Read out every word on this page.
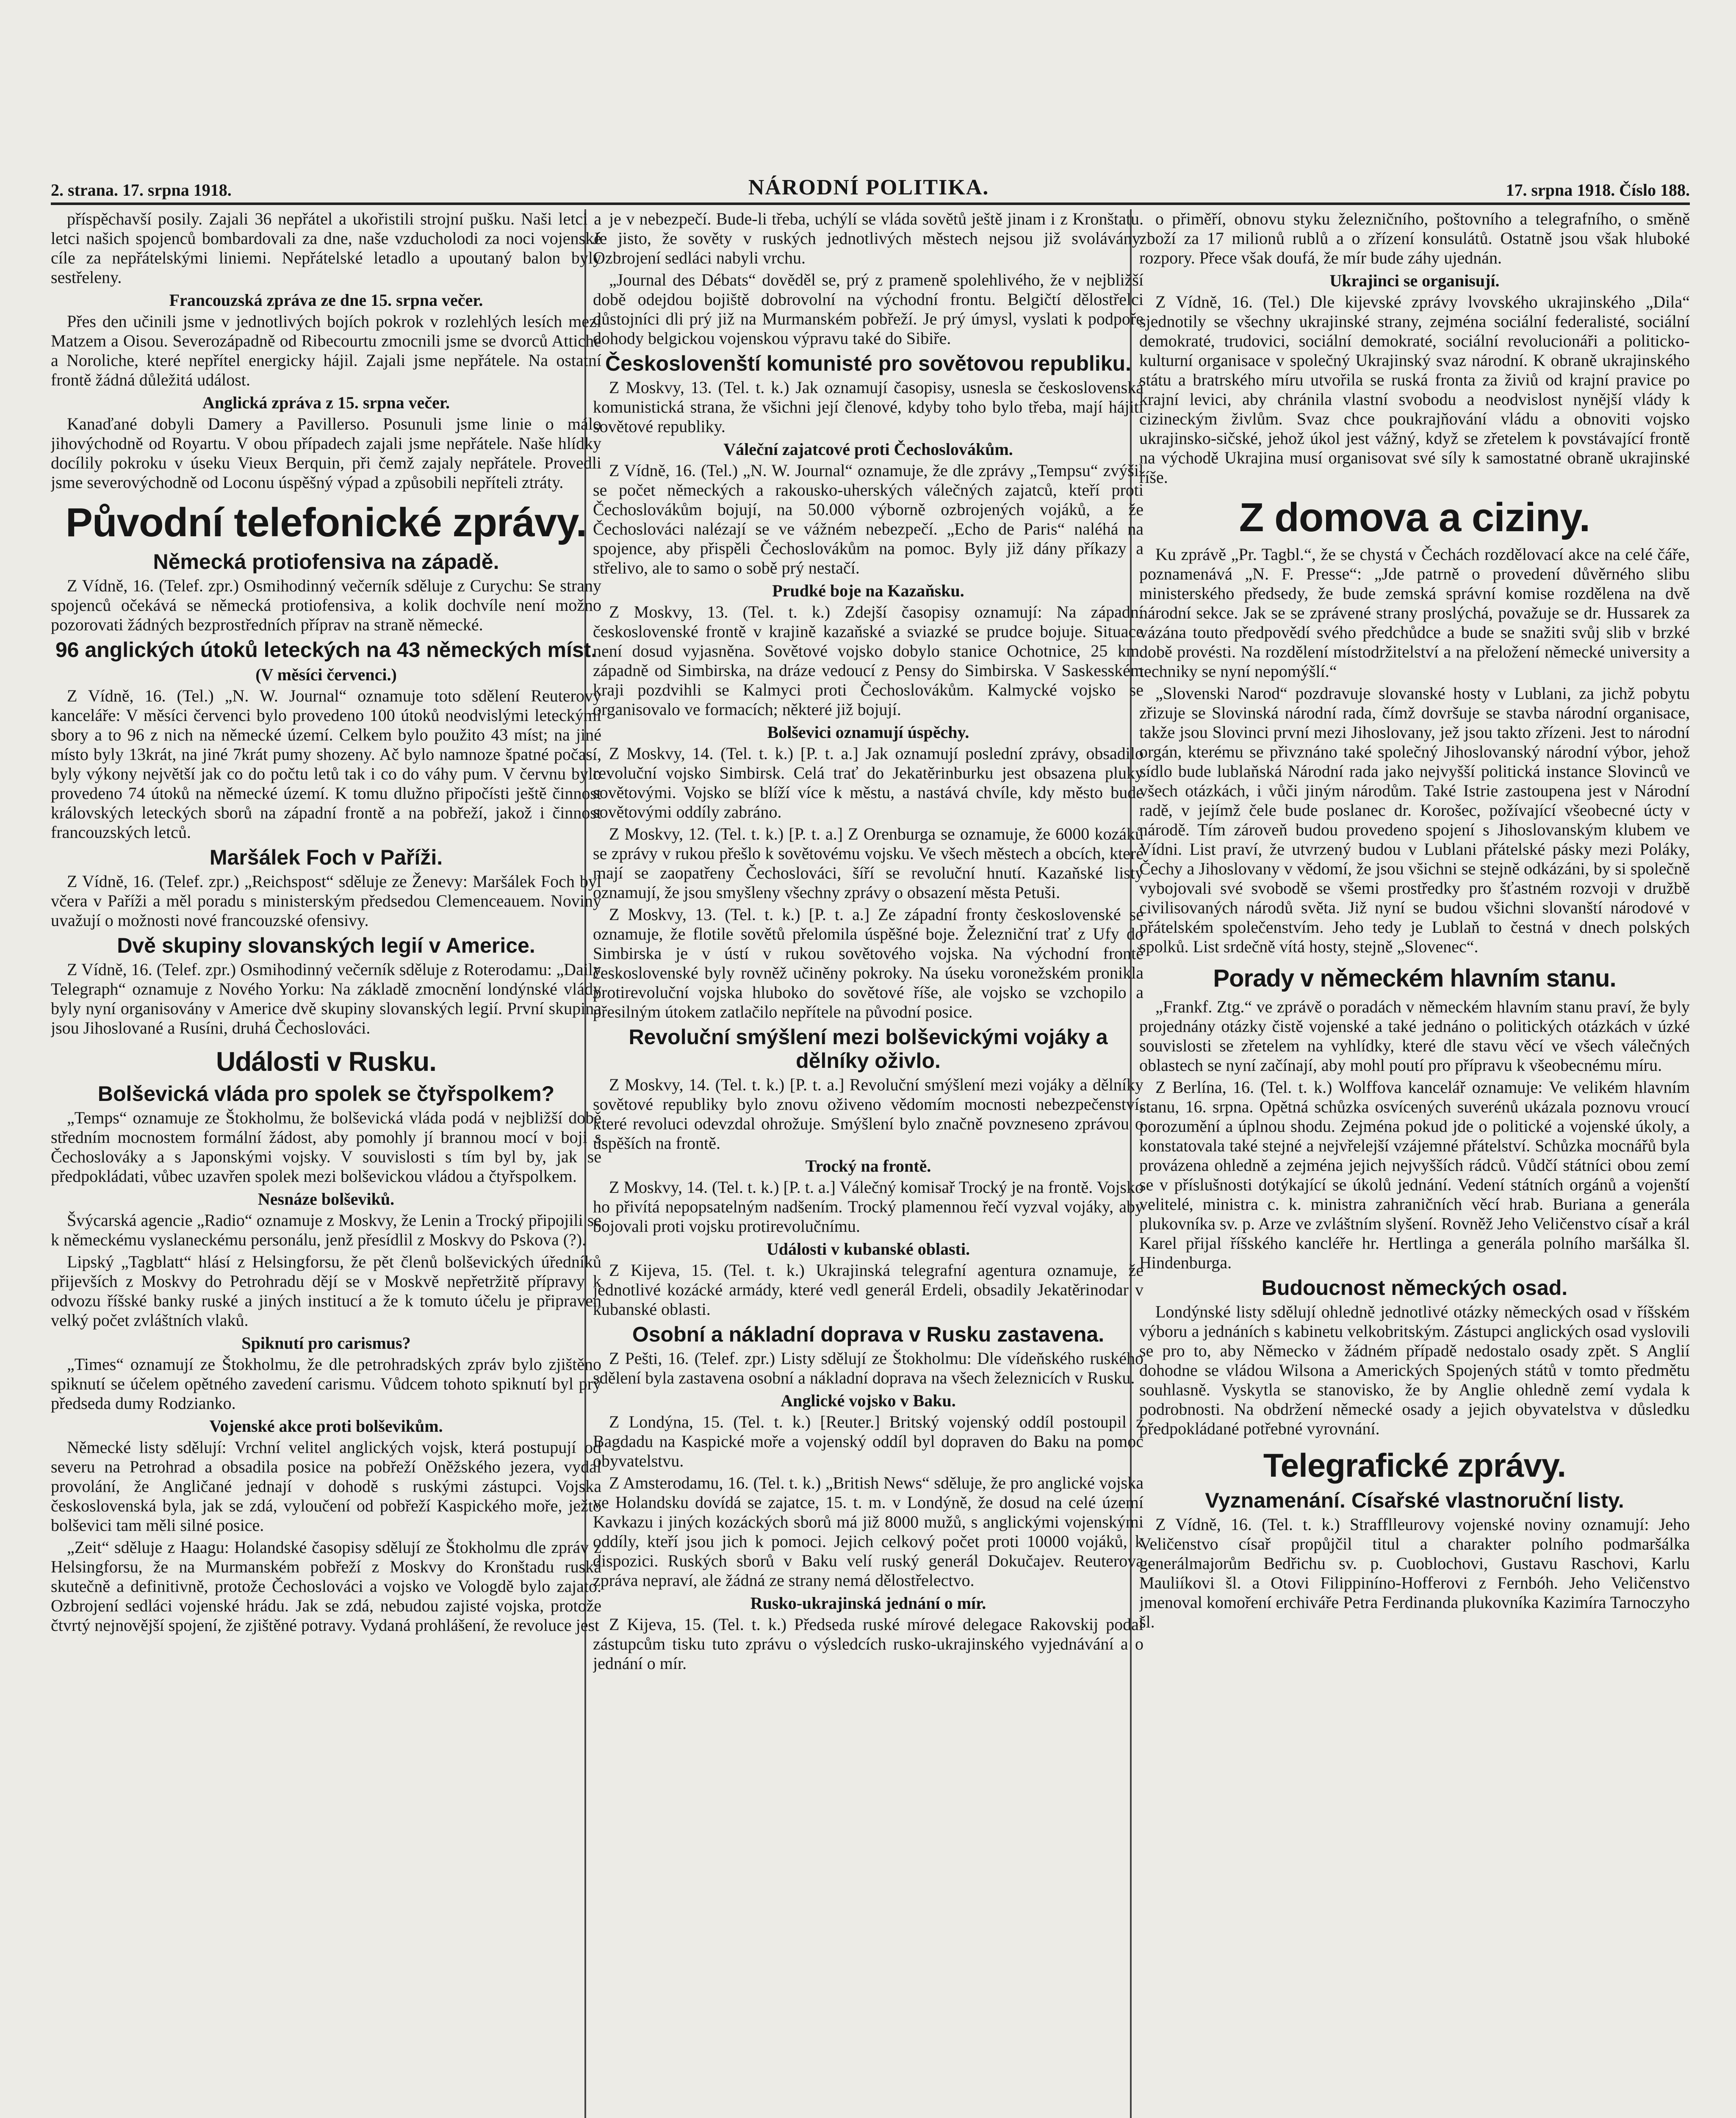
2. strana. 17. srpna 1918.	NÁRODNÍ POLITIKA.	17. srpna 1918. Číslo 188.

příspěchavší posily. Zajali 36 nepřátel a ukořistili strojní pušku. Naši letci a letci našich spojenců bombardovali za dne, naše vzducholodi za noci vojenské cíle za nepřátelskými liniemi. Nepřátelské letadlo a upoutaný balon byly sestřeleny.

Francouzská zpráva ze dne 15. srpna večer.

Přes den učinili jsme v jednotlivých bojích pokrok v rozlehlých lesích mezi Matzem a Oisou. Severozápadně od Ribecourtu zmocnili jsme se dvorců Attiche a Noroliche, které nepřítel energicky hájil. Zajali jsme nepřátele. Na ostatní frontě žádná důležitá událost.

Anglická zpráva z 15. srpna večer.

Kanaďané dobyli Damery a Pavillerso. Posunuli jsme linie o málo jihovýchodně od Royartu. V obou případech zajali jsme nepřátele. Naše hlídky docílily pokroku v úseku Vieux Berquin, při čemž zajaly nepřátele. Provedli jsme severovýchodně od Loconu úspěšný výpad a způsobili nepříteli ztráty.

Původní telefonické zprávy.
Německá protiofensiva na západě.

Z Vídně, 16. (Telef. zpr.) Osmihodinný večerník sděluje z Curychu: Se strany spojenců očekává se německá protiofensiva, a kolik dochvíle není možno pozorovati žádných bezprostředních příprav na straně německé.

96 anglických útoků leteckých na 43 německých míst.
(V měsíci červenci.)

Z Vídně, 16. (Tel.) „N. W. Journal“ oznamuje toto sdělení Reuterovy kanceláře: V měsíci červenci bylo provedeno 100 útoků neodvislými leteckými sbory a to 96 z nich na německé území. Celkem bylo použito 43 míst; na jiné místo byly 13krát, na jiné 7krát pumy shozeny. Ač bylo namnoze špatné počasí, byly výkony největší jak co do počtu letů tak i co do váhy pum. V červnu bylo provedeno 74 útoků na německé území. K tomu dlužno připočísti ještě činnost královských leteckých sborů na západní frontě a na pobřeží, jakož i činnost francouzských letců.

Maršálek Foch v Paříži.

Z Vídně, 16. (Telef. zpr.) „Reichspost“ sděluje ze Ženevy: Maršálek Foch byl včera v Paříži a měl poradu s ministerským předsedou Clemenceauem. Noviny uvažují o možnosti nové francouzské ofensivy.

Dvě skupiny slovanských legií v Americe.

Z Vídně, 16. (Telef. zpr.) Osmihodinný večerník sděluje z Roterodamu: „Daily Telegraph“ oznamuje z Nového Yorku: Na základě zmocnění londýnské vlády byly nyní organisovány v Americe dvě skupiny slovanských legií. První skupina jsou Jihoslované a Rusíni, druhá Čechoslováci.

Události v Rusku.
Bolševická vláda pro spolek se čtyřspolkem?

„Temps“ oznamuje ze Štokholmu, že bolševická vláda podá v nejbližší době středním mocnostem formální žádost, aby pomohly jí brannou mocí v boji s Čechoslováky a s Japonskými vojsky. V souvislosti s tím byl by, jak se předpokládati, vůbec uzavřen spolek mezi bolševickou vládou a čtyřspolkem.

Nesnáze bolševiků.

Švýcarská agencie „Radio“ oznamuje z Moskvy, že Lenin a Trocký připojili se k německému vyslaneckému personálu, jenž přesídlil z Moskvy do Pskova (?).

Lipský „Tagblatt“ hlásí z Helsingforsu, že pět členů bolševických úředníků přijevších z Moskvy do Petrohradu dějí se v Moskvě nepřetržitě přípravy k odvozu říšské banky ruské a jiných institucí a že k tomuto účelu je připraven velký počet zvláštních vlaků.

Spiknutí pro carismus?

„Times“ oznamují ze Štokholmu, že dle petrohradských zpráv bylo zjištěno spiknutí se účelem opětného zavedení carismu. Vůdcem tohoto spiknutí byl prý předseda dumy Rodzianko.

Vojenské akce proti bolševikům.

Německé listy sdělují: Vrchní velitel anglických vojsk, která postupují od severu na Petrohrad a obsadila posice na pobřeží Oněžského jezera, vydal provolání, že Angličané jednají v dohodě s ruskými zástupci. Vojska československá byla, jak se zdá, vyloučení od pobřeží Kaspického moře, ježto bolševici tam měli silné posice.

„Zeit“ sděluje z Haagu: Holandské časopisy sdělují ze Štokholmu dle zpráv z Helsingforsu, že na Murmanském pobřeží z Moskvy do Kronštadu ruská skutečně a definitivně, protože Čechoslováci a vojsko ve Vologdě bylo zajato. Ozbrojení sedláci vojenské hrádu. Jak se zdá, nebudou zajisté vojska, protože čtvrtý nejnovější spojení, že zjištěné potravy. Vydaná prohlášení, že revoluce jest

je v nebezpečí. Bude-li třeba, uchýlí se vláda sovětů ještě jinam i z Kronštatu. Je jisto, že sověty v ruských jednotlivých městech nejsou již svolávány. Ozbrojení sedláci nabyli vrchu.

„Journal des Débats“ dověděl se, prý z prameně spolehlivého, že v nejbližší době odejdou bojiště dobrovolní na východní frontu. Belgičtí dělostřelci důstojníci dli prý již na Murmanském pobřeží. Je prý úmysl, vyslati k podpoře dohody belgickou vojenskou výpravu také do Sibiře.

Českoslovenští komunisté pro sovětovou republiku.

Z Moskvy, 13. (Tel. t. k.) Jak oznamují časopisy, usnesla se československá komunistická strana, že všichni její členové, kdyby toho bylo třeba, mají hájiti sovětové republiky.

Váleční zajatcové proti Čechoslovákům.

Z Vídně, 16. (Tel.) „N. W. Journal“ oznamuje, že dle zprávy „Tempsu“ zvýšil se počet německých a rakousko-uherských válečných zajatců, kteří proti Čechoslovákům bojují, na 50.000 výborně ozbrojených vojáků, a že Čechoslováci nalézají se ve vážném nebezpečí. „Echo de Paris“ naléhá na spojence, aby přispěli Čechoslovákům na pomoc. Byly již dány příkazy a střelivo, ale to samo o sobě prý nestačí.

Prudké boje na Kazaňsku.

Z Moskvy, 13. (Tel. t. k.) Zdejší časopisy oznamují: Na západní československé frontě v krajině kazaňské a sviazké se prudce bojuje. Situace není dosud vyjasněna. Sovětové vojsko dobylo stanice Ochotnice, 25 km. západně od Simbirska, na dráze vedoucí z Pensy do Simbirska. V Saskesském kraji pozdvihli se Kalmyci proti Čechoslovákům. Kalmycké vojsko se organisovalo ve formacích; některé již bojují.

Bolševici oznamují úspěchy.

Z Moskvy, 14. (Tel. t. k.) [P. t. a.] Jak oznamují poslední zprávy, obsadilo revoluční vojsko Simbirsk. Celá trať do Jekatěrinburku jest obsazena pluky sovětovými. Vojsko se blíží více k městu, a nastává chvíle, kdy město bude sovětovými oddíly zabráno.

Z Moskvy, 12. (Tel. t. k.) [P. t. a.] Z Orenburga se oznamuje, že 6000 kozáků se zprávy v rukou přešlo k sovětovému vojsku. Ve všech městech a obcích, které mají se zaopatřeny Čechoslováci, šíří se revoluční hnutí. Kazaňské listy oznamují, že jsou smyšleny všechny zprávy o obsazení města Petuši.

Z Moskvy, 13. (Tel. t. k.) [P. t. a.] Ze západní fronty československé se oznamuje, že flotile sovětů přelomila úspěšné boje. Železniční trať z Ufy do Simbirska je v ústí v rukou sovětového vojska. Na východní frontě československé byly rovněž učiněny pokroky. Na úseku voronežském pronikla protirevoluční vojska hluboko do sovětové říše, ale vojsko se vzchopilo a přesilným útokem zatlačilo nepřítele na původní posice.

Revoluční smýšlení mezi bolševickými vojáky a dělníky oživlo.

Z Moskvy, 14. (Tel. t. k.) [P. t. a.] Revoluční smýšlení mezi vojáky a dělníky sovětové republiky bylo znovu oživeno vědomím mocnosti nebezpečenství, které revoluci odevzdal ohrožuje. Smýšlení bylo značně povzneseno zprávou o úspěších na frontě.

Trocký na frontě.

Z Moskvy, 14. (Tel. t. k.) [P. t. a.] Válečný komisař Trocký je na frontě. Vojsko ho přivítá nepopsatelným nadšením. Trocký plamennou řečí vyzval vojáky, aby bojovali proti vojsku protirevolučnímu.

Události v kubanské oblasti.

Z Kijeva, 15. (Tel. t. k.) Ukrajinská telegrafní agentura oznamuje, že jednotlivé kozácké armády, které vedl generál Erdeli, obsadily Jekatěrinodar v kubanské oblasti.

Osobní a nákladní doprava v Rusku zastavena.

Z Pešti, 16. (Telef. zpr.) Listy sdělují ze Štokholmu: Dle vídeňského ruského sdělení byla zastavena osobní a nákladní doprava na všech železnicích v Rusku.

Anglické vojsko v Baku.

Z Londýna, 15. (Tel. t. k.) [Reuter.] Britský vojenský oddíl postoupil z Bagdadu na Kaspické moře a vojenský oddíl byl dopraven do Baku na pomoc obyvatelstvu.

Z Amsterodamu, 16. (Tel. t. k.) „British News“ sděluje, že pro anglické vojska ve Holandsku dovídá se zajatce, 15. t. m. v Londýně, že dosud na celé území Kavkazu i jiných kozáckých sborů má již 8000 mužů, s anglickými vojenskými oddíly, kteří jsou jich k pomoci. Jejich celkový počet proti 10000 vojáků, k dispozici. Ruských sborů v Baku velí ruský generál Dokučajev. Reuterova zpráva nepraví, ale žádná ze strany nemá dělostřelectvo.

Rusko-ukrajinská jednání o mír.

Z Kijeva, 15. (Tel. t. k.) Předseda ruské mírové delegace Rakovskij podal zástupcům tisku tuto zprávu o výsledcích rusko-ukrajinského vyjednávání a o jednání o mír.

o přiměří, obnovu styku železničního, poštovního a telegrafního, o směně zboží za 17 milionů rublů a o zřízení konsulátů. Ostatně jsou však hluboké rozpory. Přece však doufá, že mír bude záhy ujednán.

Ukrajinci se organisují.

Z Vídně, 16. (Tel.) Dle kijevské zprávy lvovského ukrajinského „Dila“ sjednotily se všechny ukrajinské strany, zejména sociální federalisté, sociální demokraté, trudovici, sociální demokraté, sociální revolucionáři a politicko-kulturní organisace v společný Ukrajinský svaz národní. K obraně ukrajinského státu a bratrského míru utvořila se ruská fronta za živiů od krajní pravice po krajní levici, aby chránila vlastní svobodu a neodvislost nynější vlády k cizineckým živlům. Svaz chce poukrajňování vládu a obnoviti vojsko ukrajinsko-sičské, jehož úkol jest vážný, když se zřetelem k povstávající frontě na východě Ukrajina musí organisovat své síly k samostatné obraně ukrajinské říše.

Z domova a ciziny.

Ku zprávě „Pr. Tagbl.“, že se chystá v Čechách rozdělovací akce na celé čáře, poznamenává „N. F. Presse“: „Jde patrně o provedení důvěrného slibu ministerského předsedy, že bude zemská správní komise rozdělena na dvě národní sekce. Jak se se zprávené strany proslýchá, považuje se dr. Hussarek za vázána touto předpovědí svého předchůdce a bude se snažiti svůj slib v brzké době provésti. Na rozdělení místodržitelství a na přeložení německé university a techniky se nyní nepomýšlí.“

„Slovenski Narod“ pozdravuje slovanské hosty v Lublani, za jichž pobytu zřizuje se Slovinská národní rada, čímž dovršuje se stavba národní organisace, takže jsou Slovinci první mezi Jihoslovany, jež jsou takto zřízeni. Jest to národní orgán, kterému se přivznáno také společný Jihoslovanský národní výbor, jehož sídlo bude lublaňská Národní rada jako nejvyšší politická instance Slovinců ve všech otázkách, i vůči jiným národům. Také Istrie zastoupena jest v Národní radě, v jejímž čele bude poslanec dr. Korošec, požívající všeobecné úcty v národě. Tím zároveň budou provedeno spojení s Jihoslovanským klubem ve Vídni. List praví, že utvrzený budou v Lublani přátelské pásky mezi Poláky, Čechy a Jihoslovany v vědomí, že jsou všichni se stejně odkázáni, by si společně vybojovali své svobodě se všemi prostředky pro šťastném rozvoji v družbě civilisovaných národů světa. Již nyní se budou všichni slovanští národové v přátelském společenstvím. Jeho tedy je Lublaň to čestná v dnech polských spolků. List srdečně vítá hosty, stejně „Slovenec“.

Porady v německém hlavním stanu.

„Frankf. Ztg.“ ve zprávě o poradách v německém hlavním stanu praví, že byly projednány otázky čistě vojenské a také jednáno o politických otázkách v úzké souvislosti se zřetelem na vyhlídky, které dle stavu věcí ve všech válečných oblastech se nyní začínají, aby mohl poutí pro přípravu k všeobecnému míru.

Z Berlína, 16. (Tel. t. k.) Wolffova kancelář oznamuje: Ve velikém hlavním stanu, 16. srpna. Opětná schůzka osvícených suverénů ukázala poznovu vroucí porozumění a úplnou shodu. Zejména pokud jde o politické a vojenské úkoly, a konstatovala také stejné a nejvřelejší vzájemné přátelství. Schůzka mocnářů byla provázena ohledně a zejména jejich nejvyšších rádců. Vůdčí státníci obou zemí se v příslušnosti dotýkající se úkolů jednání. Vedení státních orgánů a vojenští velitelé, ministra c. k. ministra zahraničních věcí hrab. Buriana a generála plukovníka sv. p. Arze ve zvláštním slyšení. Rovněž Jeho Veličenstvo císař a král Karel přijal říšského kancléře hr. Hertlinga a generála polního maršálka šl. Hindenburga.

Budoucnost německých osad.

Londýnské listy sdělují ohledně jednotlivé otázky německých osad v říšském výboru a jednáních s kabinetu velkobritským. Zástupci anglických osad vyslovili se pro to, aby Německo v žádném případě nedostalo osady zpět. S Anglií dohodne se vládou Wilsona a Amerických Spojených států v tomto předmětu souhlasně. Vyskytla se stanovisko, že by Anglie ohledně zemí vydala k podrobnosti. Na obdržení německé osady a jejich obyvatelstva v důsledku předpokládané potřebné vyrovnání.

Telegrafické zprávy.
Vyznamenání. Císařské vlastnoruční listy.

Z Vídně, 16. (Tel. t. k.) Strafflleurovy vojenské noviny oznamují: Jeho Veličenstvo císař propůjčil titul a charakter polního podmaršálka generálmajorům Bedřichu sv. p. Cuoblochovi, Gustavu Raschovi, Karlu Mauliíkovi šl. a Otovi Filippiníno-Hofferovi z Fernbóh. Jeho Veličenstvo jmenoval komoření erchiváře Petra Ferdinanda plukovníka Kazimíra Tarnoczyho šl.
